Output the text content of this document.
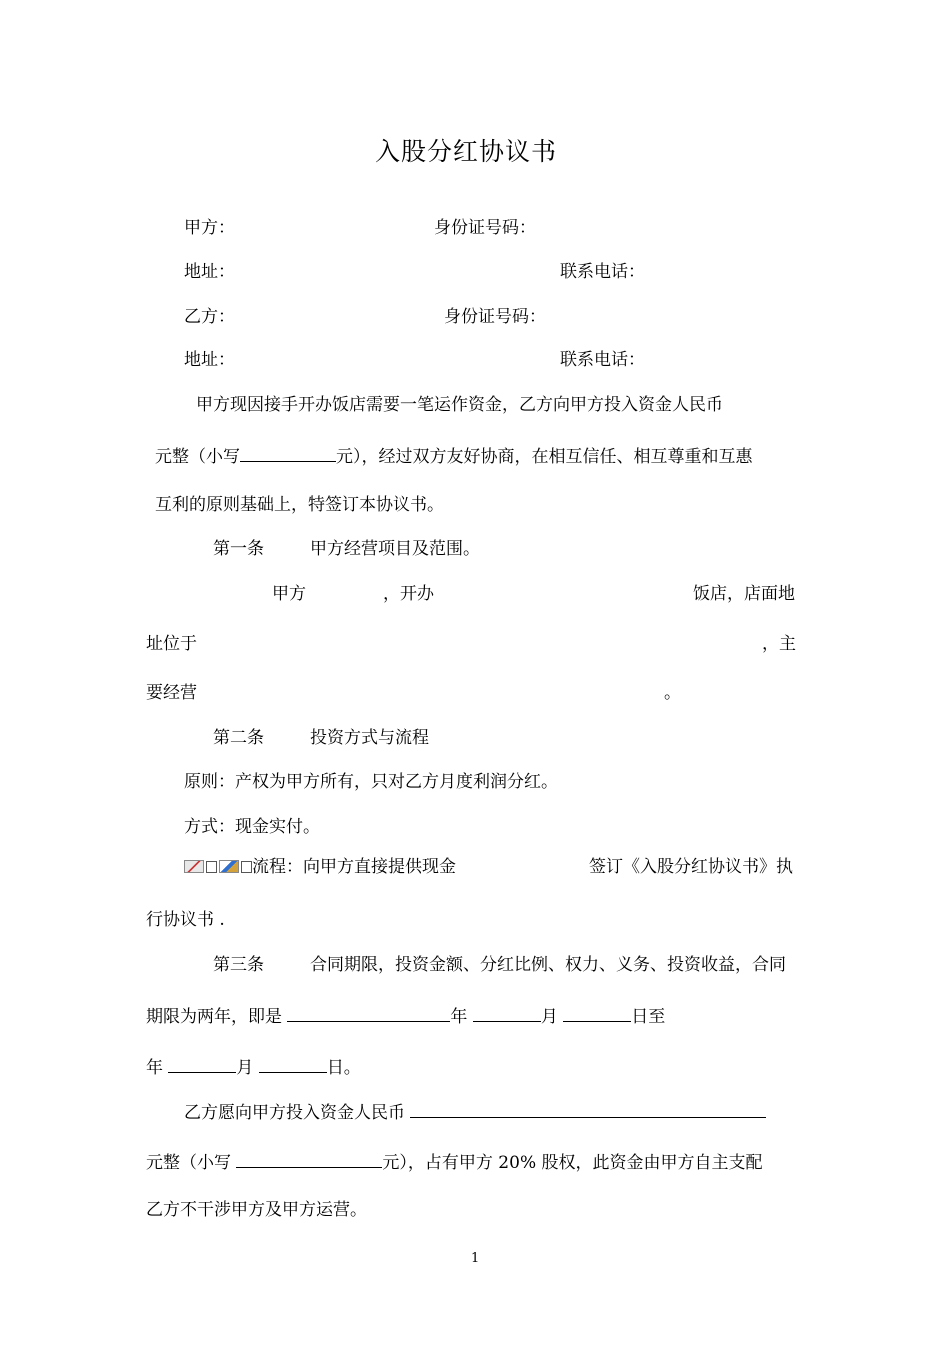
入股分红协议书
甲方：	身份证号码：
地址：	联系电话：
乙方：	身份证号码：
地址：	联系电话：
甲方现因接手开办饭店需要一笔运作资金，乙方向甲方投入资金人民币
元整（小写	元），经过双方友好协商，在相互信任、相互尊重和互惠
互利的原则基础上，特签订本协议书。
第一条	甲方经营项目及范围。
甲方	，开办	饭店，店面地
址位于	，主
要经营	。
第二条	投资方式与流程
原则：产权为甲方所有，只对乙方月度利润分红。
方式：现金实付。
流程：向甲方直接提供现金	签订《入股分红协议书》执
行协议书 .
第三条	合同期限，投资金额、分红比例、权力、义务、投资收益，合同
期限为两年，即是	年	月	日至
年	月	日。
乙方愿向甲方投入资金人民币
元整（小写	元），占有甲方 20% 股权，此资金由甲方自主支配
乙方不干涉甲方及甲方运营。
1
